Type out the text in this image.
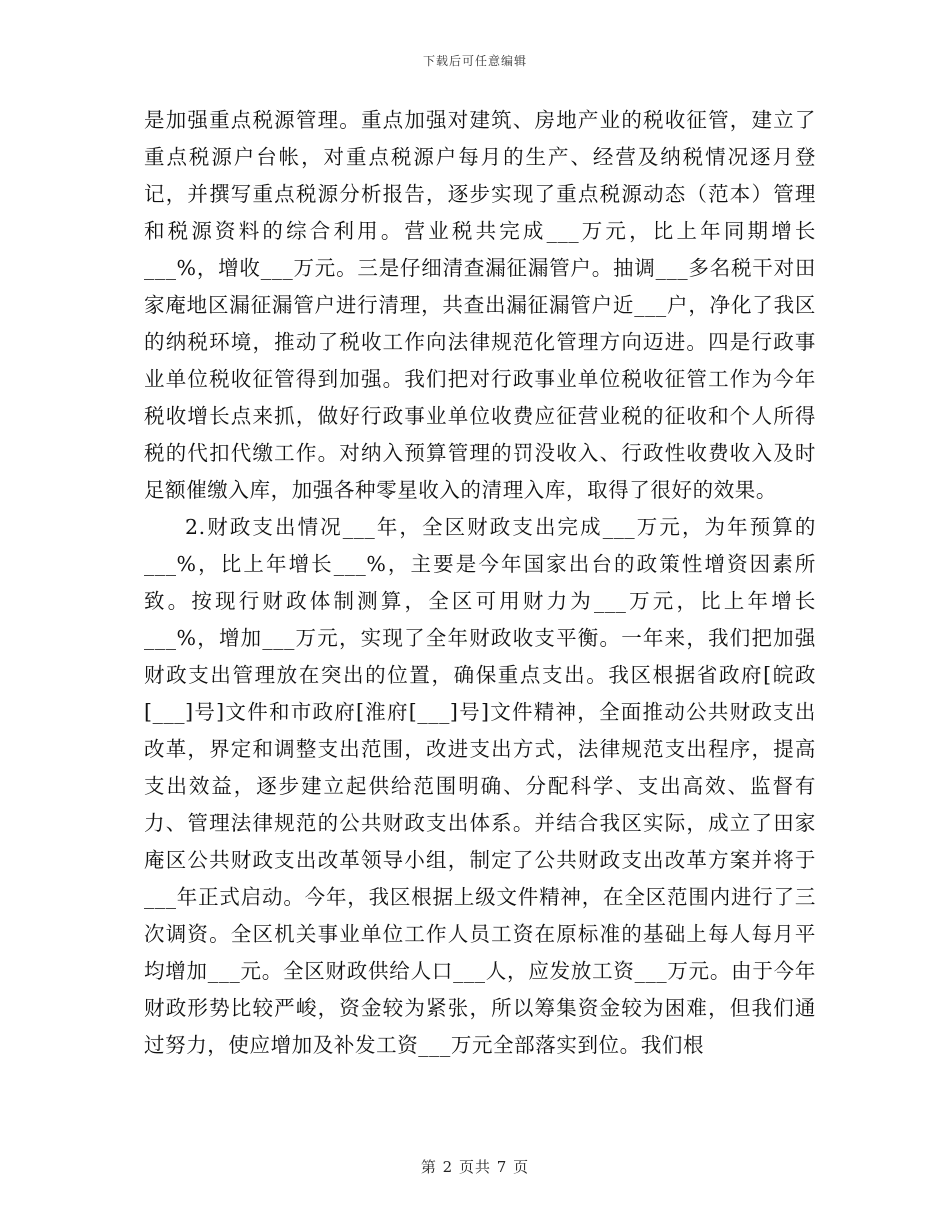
下载后可任意编辑

是加强重点税源管理。重点加强对建筑、房地产业的税收征管，建立了重点税源户台帐，对重点税源户每月的生产、经营及纳税情况逐月登记，并撰写重点税源分析报告，逐步实现了重点税源动态（范本）管理和税源资料的综合利用。营业税共完成___万元，比上年同期增长___%，增收___万元。三是仔细清查漏征漏管户。抽调___多名税干对田家庵地区漏征漏管户进行清理，共查出漏征漏管户近___户，净化了我区的纳税环境，推动了税收工作向法律规范化管理方向迈进。四是行政事业单位税收征管得到加强。我们把对行政事业单位税收征管工作为今年税收增长点来抓，做好行政事业单位收费应征营业税的征收和个人所得税的代扣代缴工作。对纳入预算管理的罚没收入、行政性收费收入及时足额催缴入库，加强各种零星收入的清理入库，取得了很好的效果。

2.财政支出情况___年，全区财政支出完成___万元，为年预算的___%，比上年增长___%，主要是今年国家出台的政策性增资因素所致。按现行财政体制测算，全区可用财力为___万元，比上年增长___%，增加___万元，实现了全年财政收支平衡。一年来，我们把加强财政支出管理放在突出的位置，确保重点支出。我区根据省政府[皖政[___]号]文件和市政府[淮府[___]号]文件精神，全面推动公共财政支出改革，界定和调整支出范围，改进支出方式，法律规范支出程序，提高支出效益，逐步建立起供给范围明确、分配科学、支出高效、监督有力、管理法律规范的公共财政支出体系。并结合我区实际，成立了田家庵区公共财政支出改革领导小组，制定了公共财政支出改革方案并将于___年正式启动。今年，我区根据上级文件精神，在全区范围内进行了三次调资。全区机关事业单位工作人员工资在原标准的基础上每人每月平均增加___元。全区财政供给人口___人，应发放工资___万元。由于今年财政形势比较严峻，资金较为紧张，所以筹集资金较为困难，但我们通过努力，使应增加及补发工资___万元全部落实到位。我们根

第 2 页共 7 页
